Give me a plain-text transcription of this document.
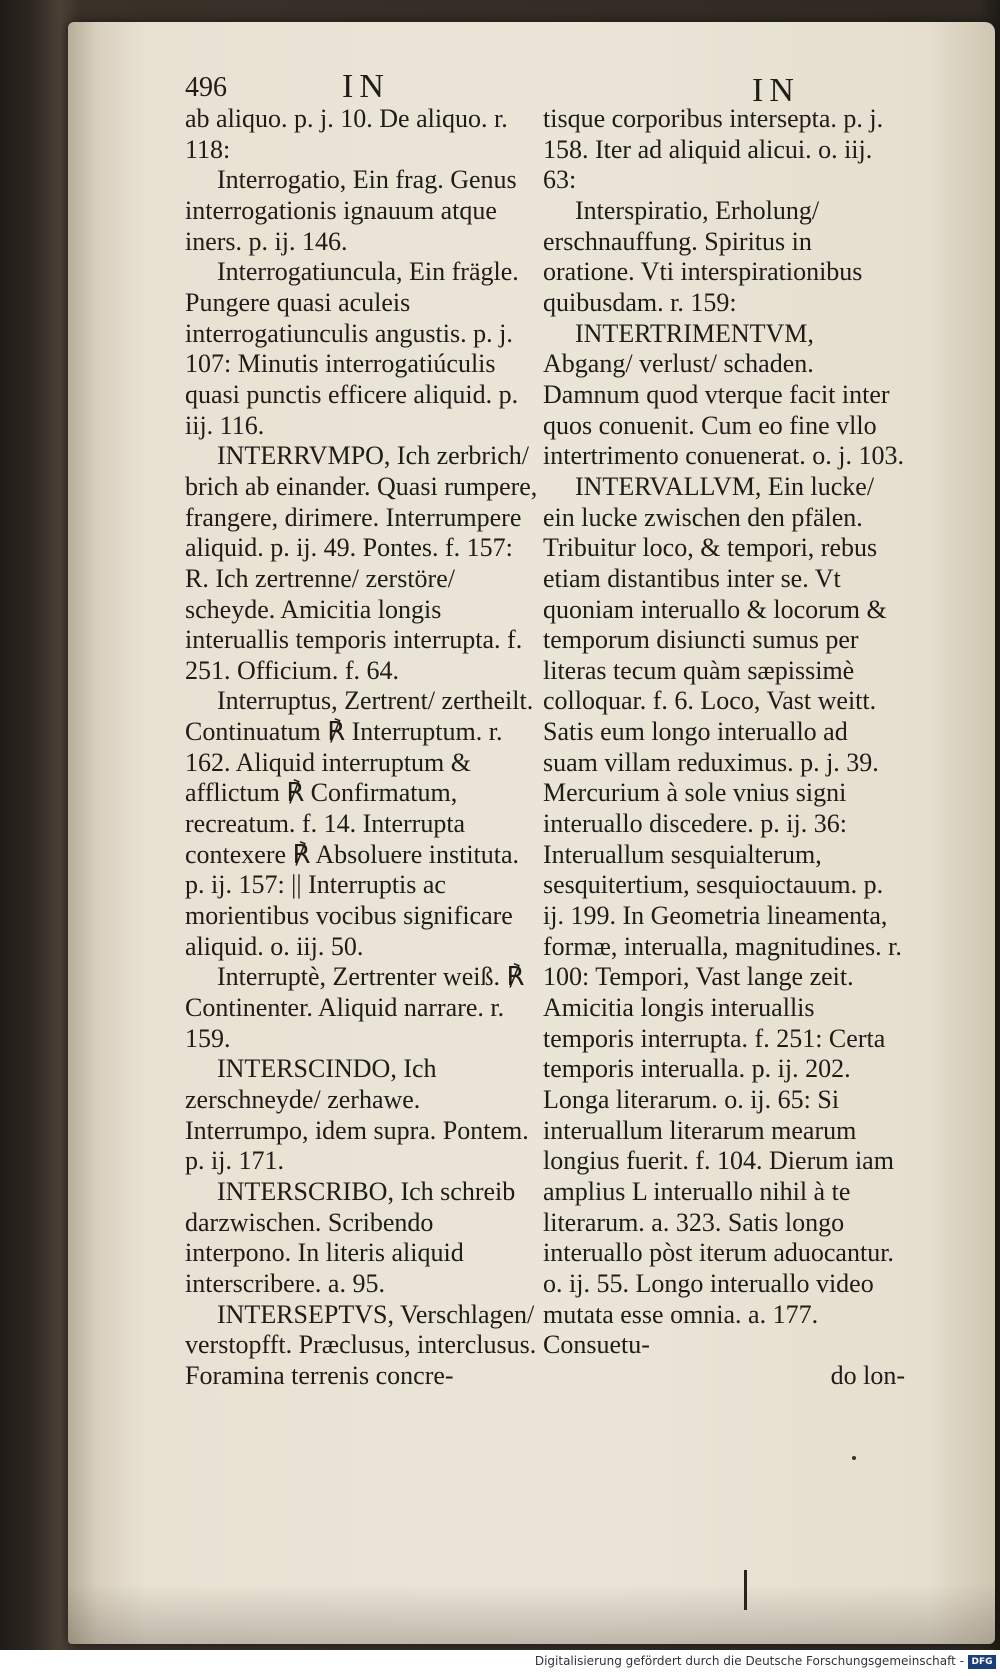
496	IN	IN

ab aliquo. p. j. 10. De aliquo. r. 118:

Interrogatio, Ein frag. Genus interrogationis ignauum atque iners. p. ij. 146.

Interrogatiuncula, Ein frägle. Pungere quasi aculeis interrogatiunculis angustis. p. j. 107: Minutis interrogatiúculis quasi punctis efficere aliquid. p. iij. 116.

INTERRVMPO, Ich zerbrich/ brich ab einander. Quasi rumpere, frangere, dirimere. Interrumpere aliquid. p. ij. 49. Pontes. f. 157: R. Ich zertrenne/ zerstöre/ scheyde. Amicitia longis interuallis temporis interrupta. f. 251. Officium. f. 64.

Interruptus, Zertrent/ zertheilt. Continuatum ℟ Interruptum. r. 162. Aliquid interruptum & afflictum ℟ Confirmatum, recreatum. f. 14. Interrupta contexere ℟ Absoluere instituta. p. ij. 157: || Interruptis ac morientibus vocibus significare aliquid. o. iij. 50.

Interruptè, Zertrenter weiß. ℟ Continenter. Aliquid narrare. r. 159.

INTERSCINDO, Ich zerschneyde/ zerhawe. Interrumpo, idem supra. Pontem. p. ij. 171.

INTERSCRIBO, Ich schreib darzwischen. Scribendo interpono. In literis aliquid interscribere. a. 95.

INTERSEPTVS, Verschlagen/ verstopfft. Præclusus, interclusus. Foramina terrenis concre-

tisque corporibus intersepta. p. j. 158. Iter ad aliquid alicui. o. iij. 63:

Interspiratio, Erholung/ erschnauffung. Spiritus in oratione. Vti interspirationibus quibusdam. r. 159:

INTERTRIMENTVM, Abgang/ verlust/ schaden. Damnum quod vterque facit inter quos conuenit. Cum eo fine vllo intertrimento conuenerat. o. j. 103.

INTERVALLVM, Ein lucke/ ein lucke zwischen den pfälen. Tribuitur loco, & tempori, rebus etiam distantibus inter se. Vt quoniam interuallo & locorum & temporum disiuncti sumus per literas tecum quàm sæpissimè colloquar. f. 6. Loco, Vast weitt. Satis eum longo interuallo ad suam villam reduximus. p. j. 39. Mercurium à sole vnius signi interuallo discedere. p. ij. 36: Interuallum sesquialterum, sesquitertium, sesquioctauum. p. ij. 199. In Geometria lineamenta, formæ, interualla, magnitudines. r. 100: Tempori, Vast lange zeit. Amicitia longis interuallis temporis interrupta. f. 251: Certa temporis interualla. p. ij. 202. Longa literarum. o. ij. 65: Si interuallum literarum mearum longius fuerit. f. 104. Dierum iam amplius L interuallo nihil à te literarum. a. 323. Satis longo interuallo pòst iterum aduocantur. o. ij. 55. Longo interuallo video mutata esse omnia. a. 177. Consuetu-

do lon-

Digitalisierung gefördert durch die Deutsche Forschungsgemeinschaft - DFG
